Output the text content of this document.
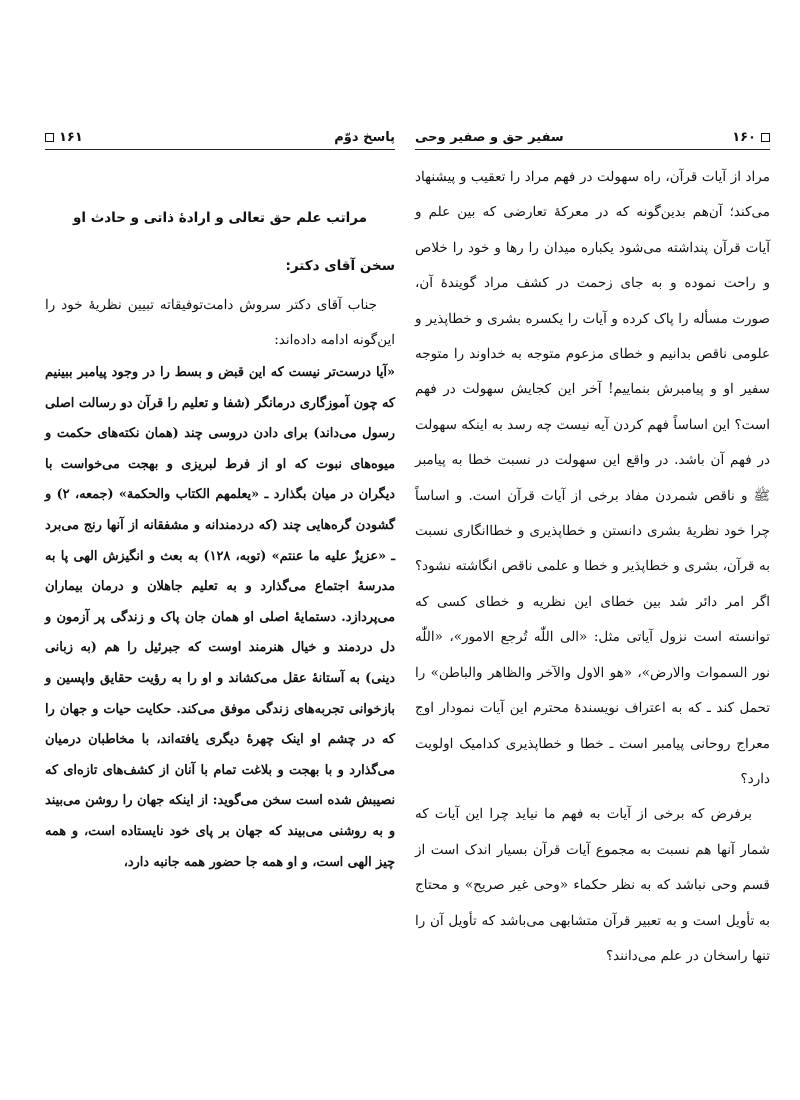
۱۶۰
سفیر حق و صفیر وحی

مراد از آیات قرآن، راه سهولت در فهم مراد را تعقیب و پیشنهاد می‌کند؛ آن‌هم بدین‌گونه که در معرکهٔ تعارضی که بین علم و آیات قرآن پنداشته می‌شود یکباره میدان را رها و خود را خلاص و راحت نموده و به جای زحمت در کشف مراد گویندهٔ آن، صورت مسأله را پاک کرده و آیات را یکسره بشری و خطاپذیر و علومی ناقص بدانیم و خطای مزعوم متوجه به خداوند را متوجه سفیر او و پیامبرش بنماییم! آخر این کجایش سهولت در فهم است؟ این اساساً فهم کردن آیه نیست چه رسد به اینکه سهولت در فهم آن باشد. در واقع این سهولت در نسبت خطا به پیامبر ﷺ و ناقص شمردن مفاد برخی از آیات قرآن است. و اساساً چرا خود نظریهٔ بشری دانستن و خطاپذیری و خطاانگاری نسبت به قرآن، بشری و خطاپذیر و خطا و علمی ناقص انگاشته نشود؟ اگر امر دائر شد بین خطای این نظریه و خطای کسی که توانسته است نزول آیاتی مثل: «الی اللّٰه تُرجع الامور»، «اللّٰه نور السموات والارض»، «هو الاول والآخر والظاهر والباطن» را تحمل کند ـ که به اعتراف نویسندهٔ محترم این آیات نمودار اوج معراج روحانی پیامبر است ـ خطا و خطاپذیری کدامیک اولویت دارد؟

برفرض که برخی از آیات به فهم ما نیاید چرا این آیات که شمار آنها هم نسبت به مجموع آیات قرآن بسیار اندک است از قسم وحی نباشد که به نظر حکماء «وحی غیر صریح» و محتاج به تأویل است و به تعبیر قرآن متشابهی می‌باشد که تأویل آن را تنها راسخان در علم می‌دانند؟

پاسخ دوّم
۱۶۱
مراتب علم حق تعالی و ارادهٔ ذاتی و حادث او
سخن آقای دکتر:

جناب آقای دکتر سروش دامت‌توفیقاته تبیین نظریهٔ خود را این‌گونه ادامه داده‌اند:

«آیا درست‌تر نیست که این قبض و بسط را در وجود پیامبر ببینیم که چون آموزگاری درمانگر (شفا و تعلیم را قرآن دو رسالت اصلی رسول می‌داند) برای دادن دروسی چند (همان نکته‌های حکمت و میوه‌های نبوت که او از فرط لبریزی و بهجت می‌خواست با دیگران در میان بگذارد ـ «یعلمهم الکتاب والحکمة» (جمعه، ۲) و گشودن گره‌هایی چند (که دردمندانه و مشفقانه از آنها رنج می‌برد ـ «عزیزٌ علیه ما عنتم» (توبه، ۱۲۸) به بعث و انگیزش الهی پا به مدرسهٔ اجتماع می‌گذارد و به تعلیم جاهلان و درمان بیماران می‌پردازد. دستمایهٔ اصلی او همان جان پاک و زندگی پر آزمون و دل دردمند و خیال هنرمند اوست که جبرئیل را هم (به زبانی دینی) به آستانهٔ عقل می‌کشاند و او را به رؤیت حقایق واپسین و بازخوانی تجربه‌های زندگی موفق می‌کند. حکایت حیات و جهان را که در چشم او اینک چهرهٔ دیگری یافته‌اند، با مخاطبان درمیان می‌گذارد و با بهجت و بلاغت تمام با آنان از کشف‌های تازه‌ای که نصیبش شده است سخن می‌گوید: از اینکه جهان را روشن می‌بیند و به روشنی می‌بیند که جهان بر پای خود نایستاده است، و همه چیز الهی است، و او همه جا حضور همه جانبه دارد،
